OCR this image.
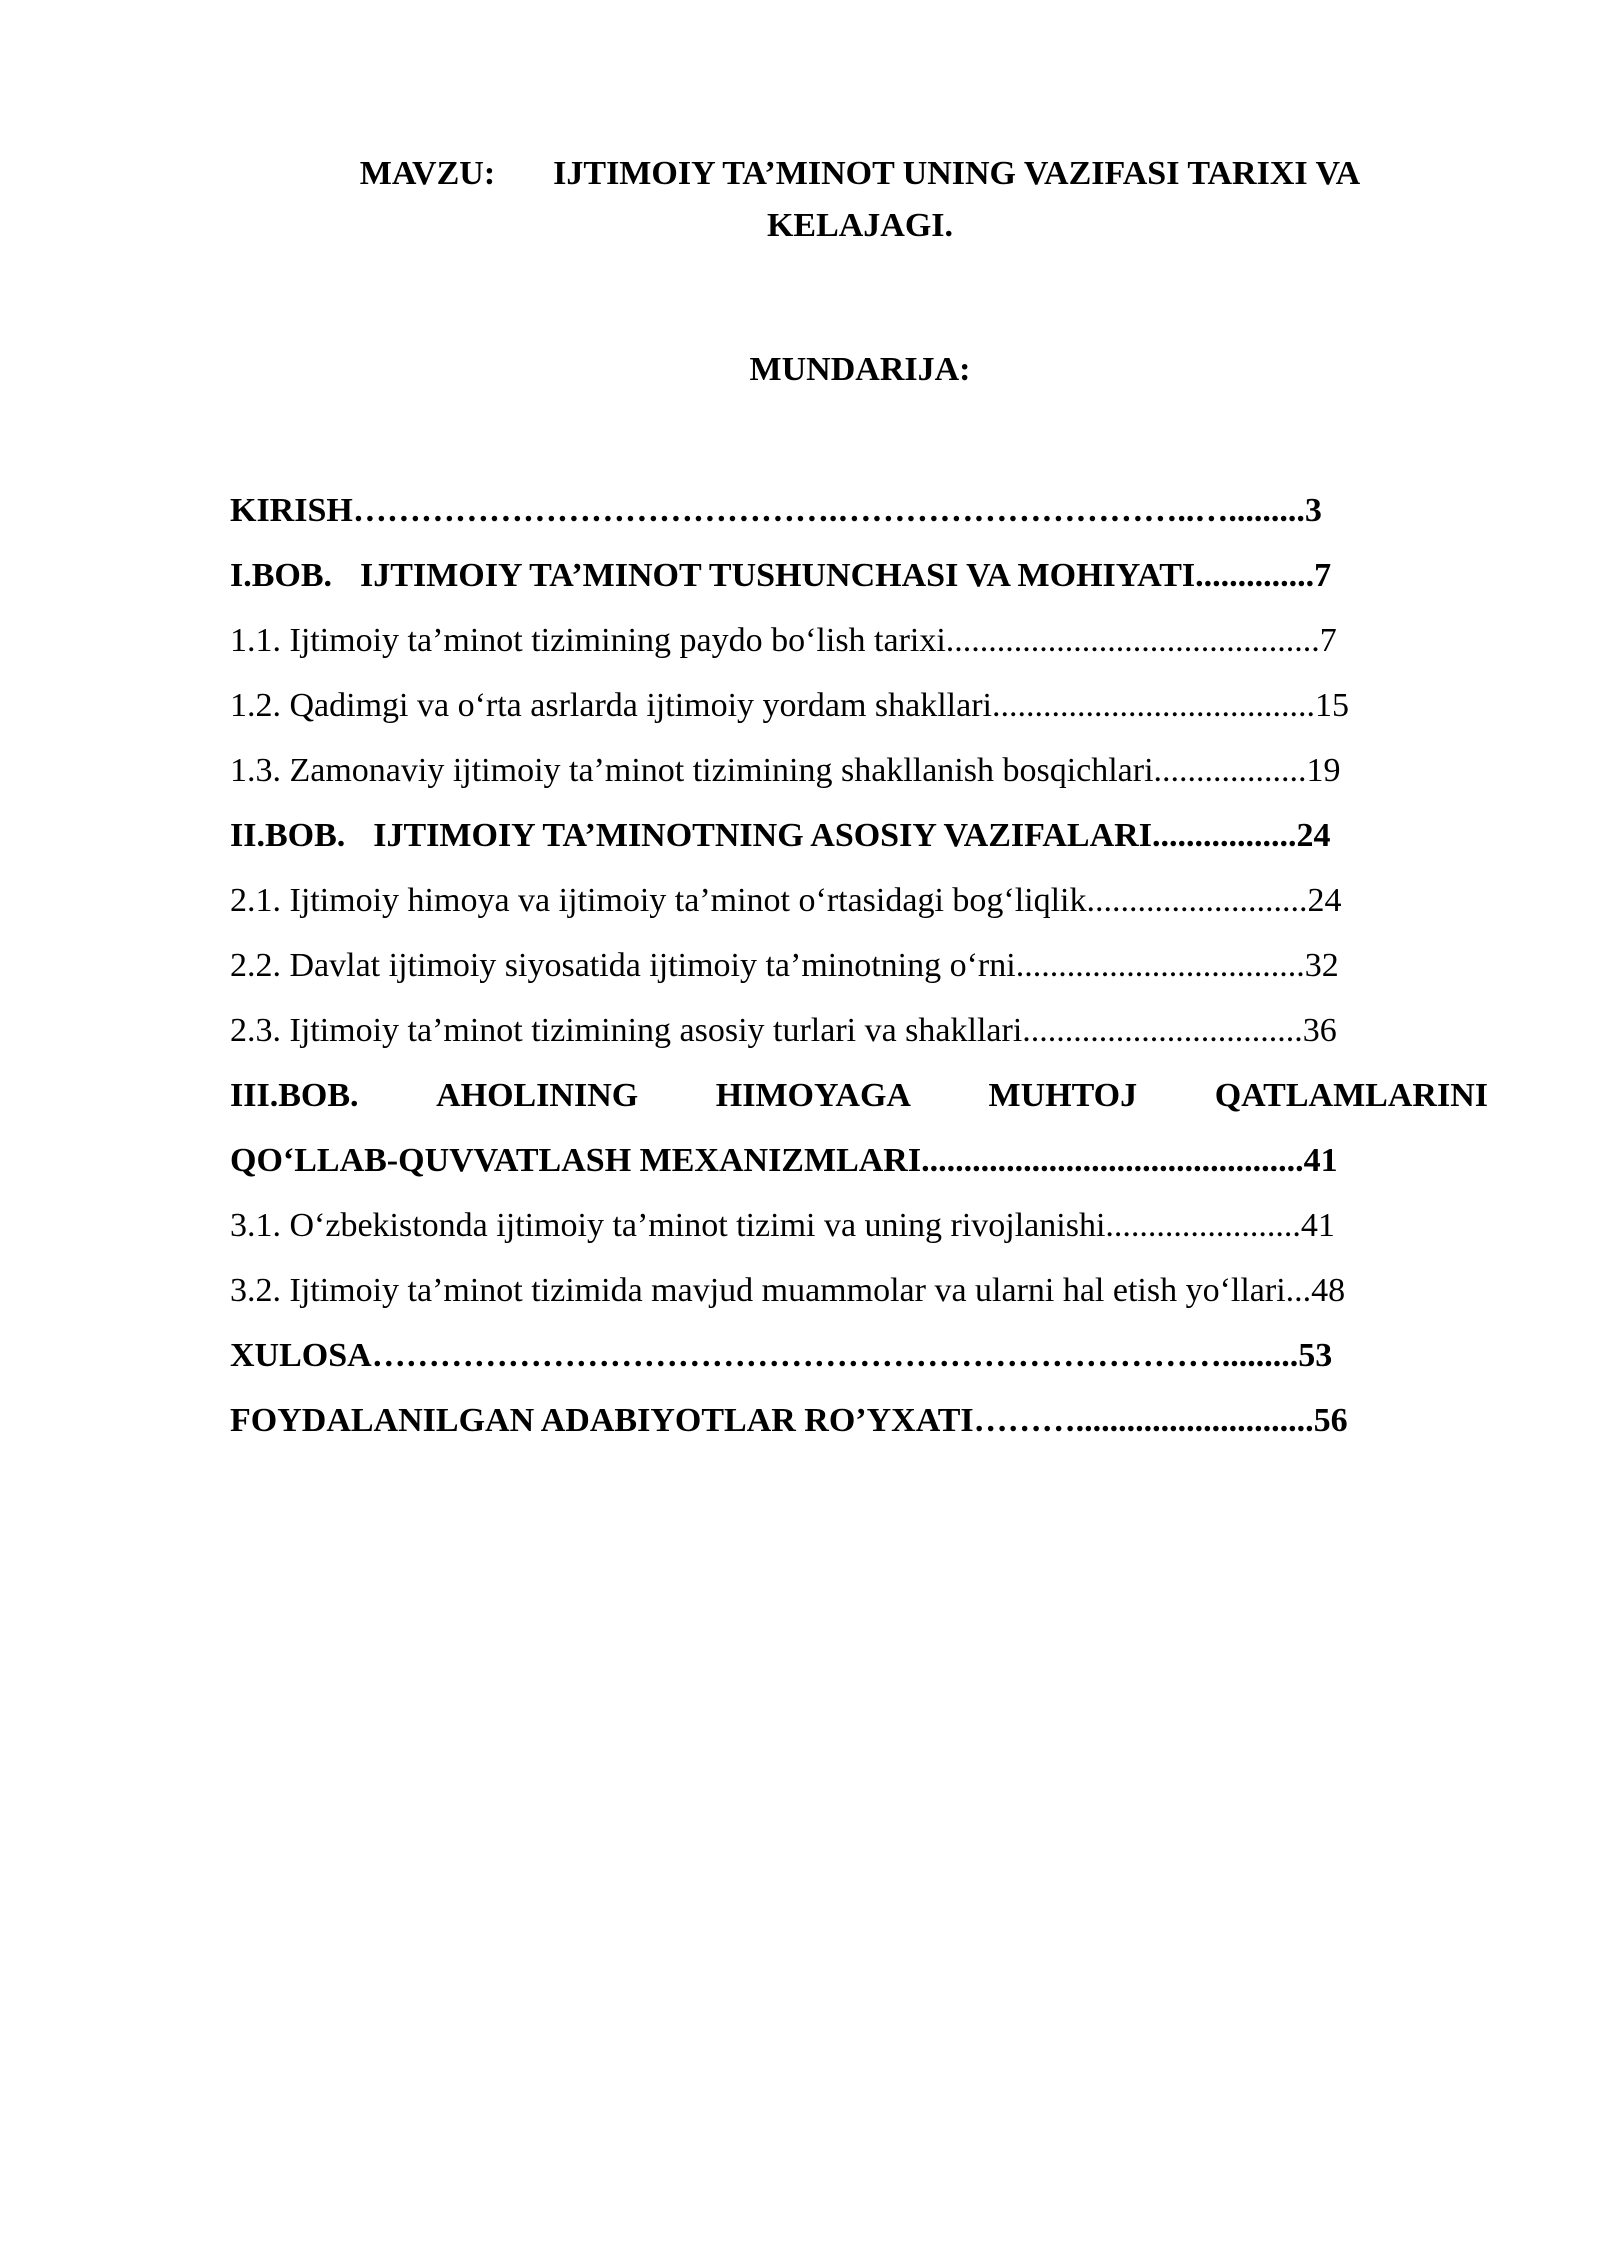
MAVZU: IJTIMOIY TA’MINOT UNING VAZIFASI TARIXI VA
KELAJAGI.
MUNDARIJA:
KIRISH…………………………………….…………………………..….........3
I.BOB. IJTIMOIY TA’MINOT TUSHUNCHASI VA MOHIYATI..............7
1.1. Ijtimoiy ta’minot tizimining paydo bo‘lish tarixi............................................7
1.2. Qadimgi va o‘rta asrlarda ijtimoiy yordam shakllari......................................15
1.3. Zamonaviy ijtimoiy ta’minot tizimining shakllanish bosqichlari..................19
II.BOB. IJTIMOIY TA’MINOTNING ASOSIY VAZIFALARI.................24
2.1. Ijtimoiy himoya va ijtimoiy ta’minot o‘rtasidagi bog‘liqlik..........................24
2.2. Davlat ijtimoiy siyosatida ijtimoiy ta’minotning o‘rni..................................32
2.3. Ijtimoiy ta’minot tizimining asosiy turlari va shakllari.................................36
III.BOB. AHOLINING HIMOYAGA MUHTOJ QATLAMLARINI
QO‘LLAB-QUVVATLASH MEXANIZMLARI.............................................41
3.1. O‘zbekistonda ijtimoiy ta’minot tizimi va uning rivojlanishi.......................41
3.2. Ijtimoiy ta’minot tizimida mavjud muammolar va ularni hal etish yo‘llari...48
XULOSA………………………………………………………………….........53
FOYDALANILGAN ADABIYOTLAR RO’YXATI………............................56
